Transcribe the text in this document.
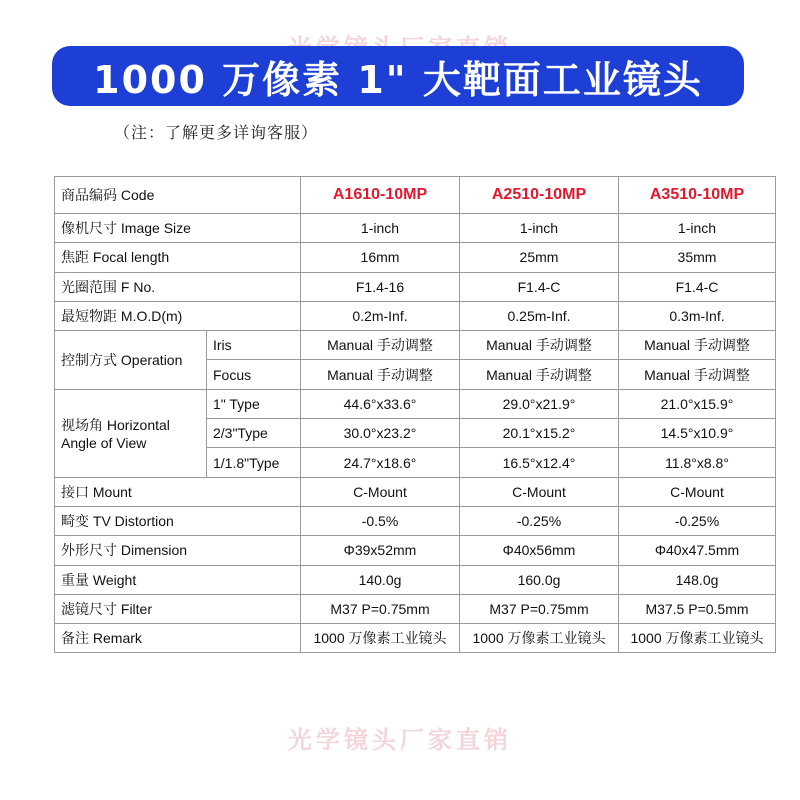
1000 万像素 1" 大靶面工业镜头
（注：了解更多详询客服）
商品编码 Code		A1610-10MP	A2510-10MP	A3510-10MP
像机尺寸 Image Size		1-inch	1-inch	1-inch
焦距 Focal length		16mm	25mm	35mm
光圈范围 F No.		F1.4-16	F1.4-C	F1.4-C
最短物距 M.O.D(m)		0.2m-Inf.	0.25m-Inf.	0.3m-Inf.
控制方式 Operation	Iris	Manual 手动调整	Manual 手动调整	Manual 手动调整
	Focus	Manual 手动调整	Manual 手动调整	Manual 手动调整

视场角 Horizontal
Angle of View	1" Type	44.6°x33.6°	29.0°x21.9°	21.0°x15.9°
	2/3"Type	30.0°x23.2°	20.1°x15.2°	14.5°x10.9°
	1/1.8"Type	24.7°x18.6°	16.5°x12.4°	11.8°x8.8°
接口 Mount		C-Mount	C-Mount	C-Mount
畸变 TV Distortion		-0.5%	-0.25%	-0.25%
外形尺寸 Dimension		Φ39x52mm	Φ40x56mm	Φ40x47.5mm
重量 Weight		140.0g	160.0g	148.0g
滤镜尺寸 Filter		M37 P=0.75mm	M37 P=0.75mm	M37.5 P=0.5mm
备注 Remark		1000 万像素工业镜头	1000 万像素工业镜头	1000 万像素工业镜头
光学镜头厂家直销
